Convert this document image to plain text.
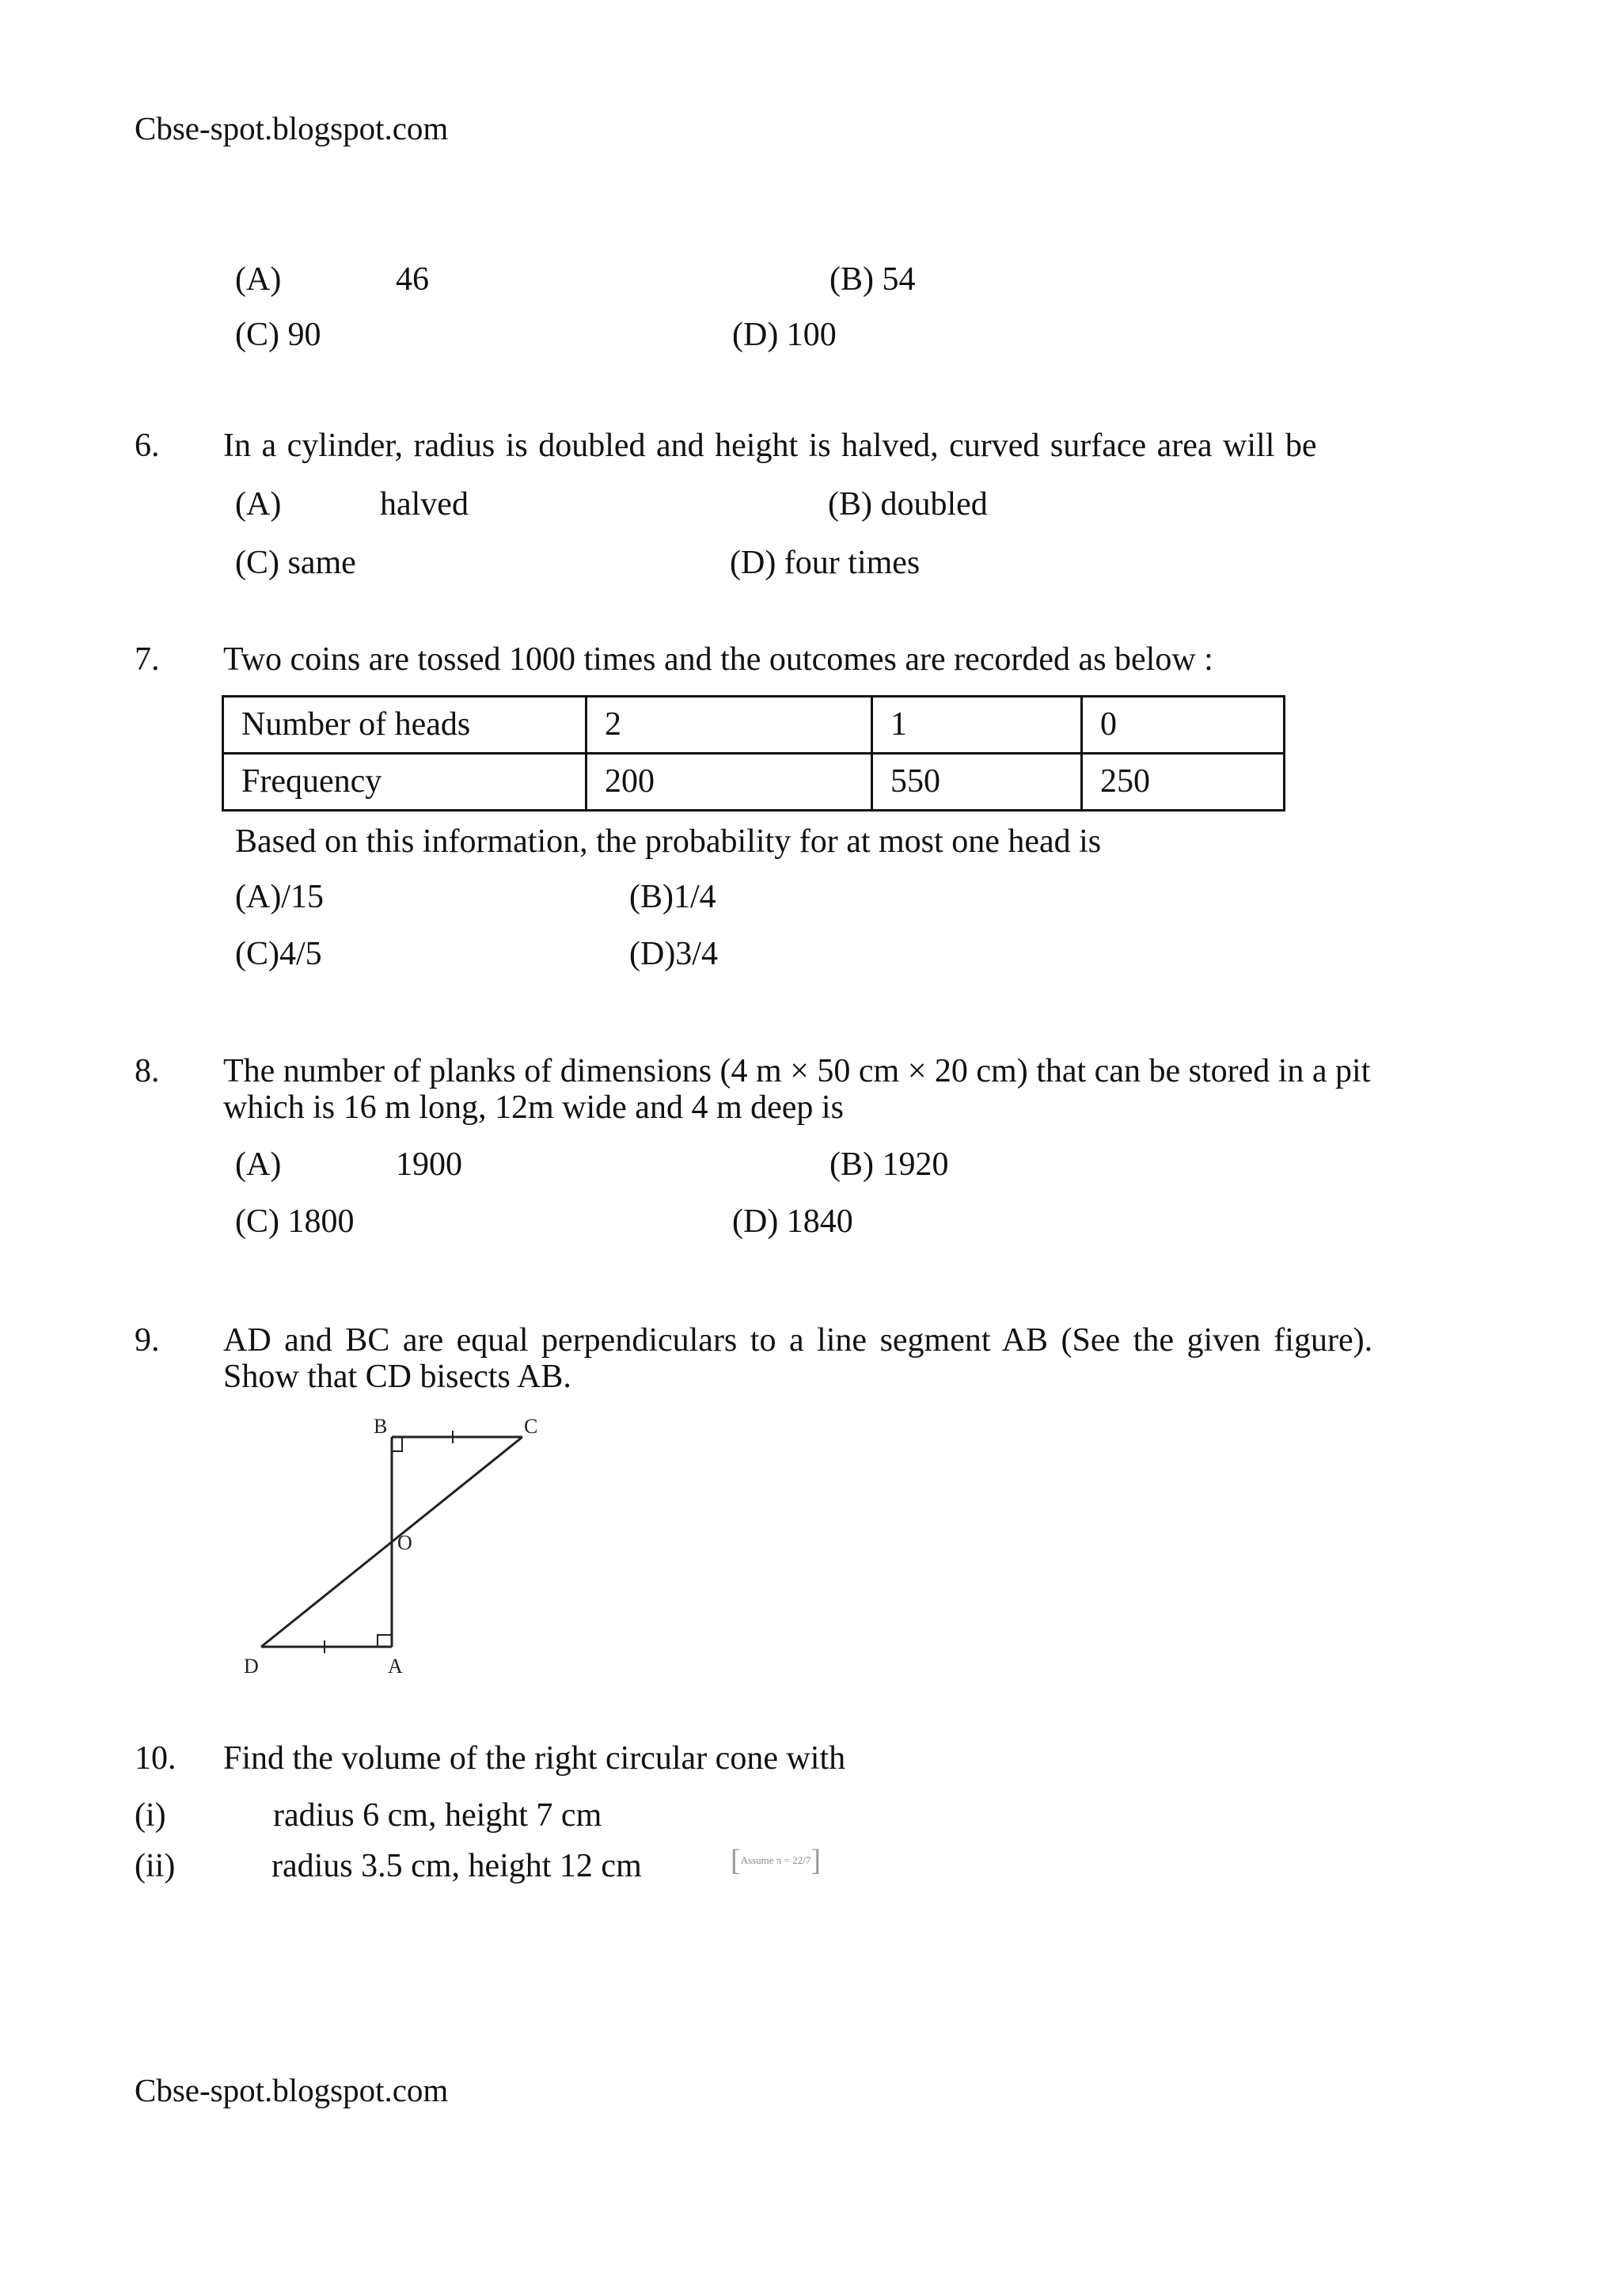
Cbse-spot.blogspot.com
(A)	46	(B) 54
(C) 90	(D) 100
6. In a cylinder, radius is doubled and height is halved, curved surface area will be
(A)	halved	(B) doubled
(C) same	(D) four times
7. Two coins are tossed 1000 times and the outcomes are recorded as below :
Number of heads	2	1	0
Frequency	200	550	250
Based on this information, the probability for at most one head is
(A)/15	(B)1/4
(C)4/5	(D)3/4
8. The number of planks of dimensions (4 m × 50 cm × 20 cm) that can be stored in a pit
which is 16 m long, 12m wide and 4 m deep is
(A)	1900	(B) 1920
(C) 1800	(D) 1840
9. AD and BC are equal perpendiculars to a line segment AB (See the given figure).
Show that CD bisects AB.
B	C
O
D	A
10. Find the volume of the right circular cone with
(i)	radius 6 cm, height 7 cm
(ii)	radius 3.5 cm, height 12 cm	[ Assume π = 22/7 ]
Cbse-spot.blogspot.com
